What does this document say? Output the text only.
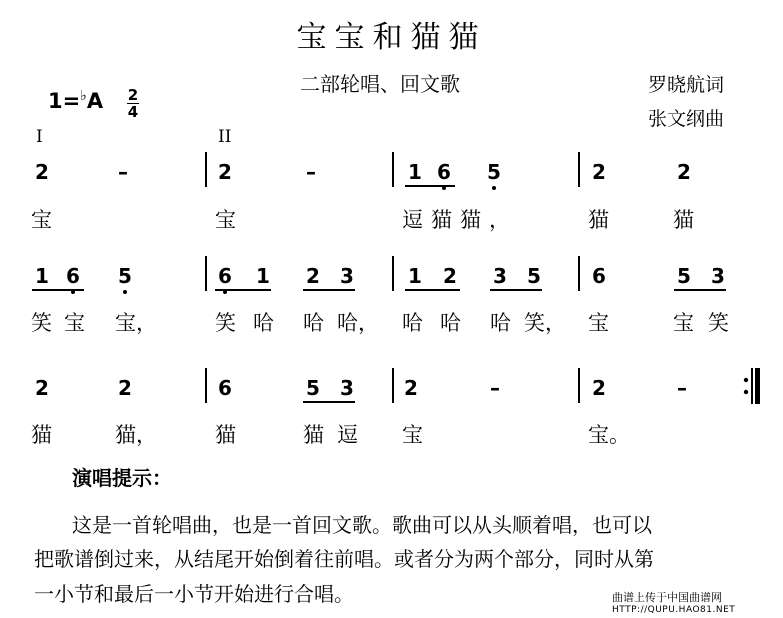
宝宝和猫猫
二部轮唱、回文歌	罗晓航词
张文纲曲
1=♭A 2
4
I	II
2	–	2	–	1 6 5	2	2
宝	宝	逗猫猫，	猫	猫
1 6 5	6 1 2 3	1 2 3 5	6	5 3
笑 宝 宝，	笑 哈 哈 哈， 哈 哈 哈 笑， 宝	宝 笑
2	2	6	5 3	2	–	2	–
猫	猫，	猫	猫 逗 宝	宝。
演唱提示：
这是一首轮唱曲，也是一首回文歌。歌曲可以从头顺着唱，也可以
把歌谱倒过来，从结尾开始倒着往前唱。或者分为两个部分，同时从第
一小节和最后一小节开始进行合唱。	曲谱上传于中国曲谱网
HTTP://QUPU.HAO81.NET
